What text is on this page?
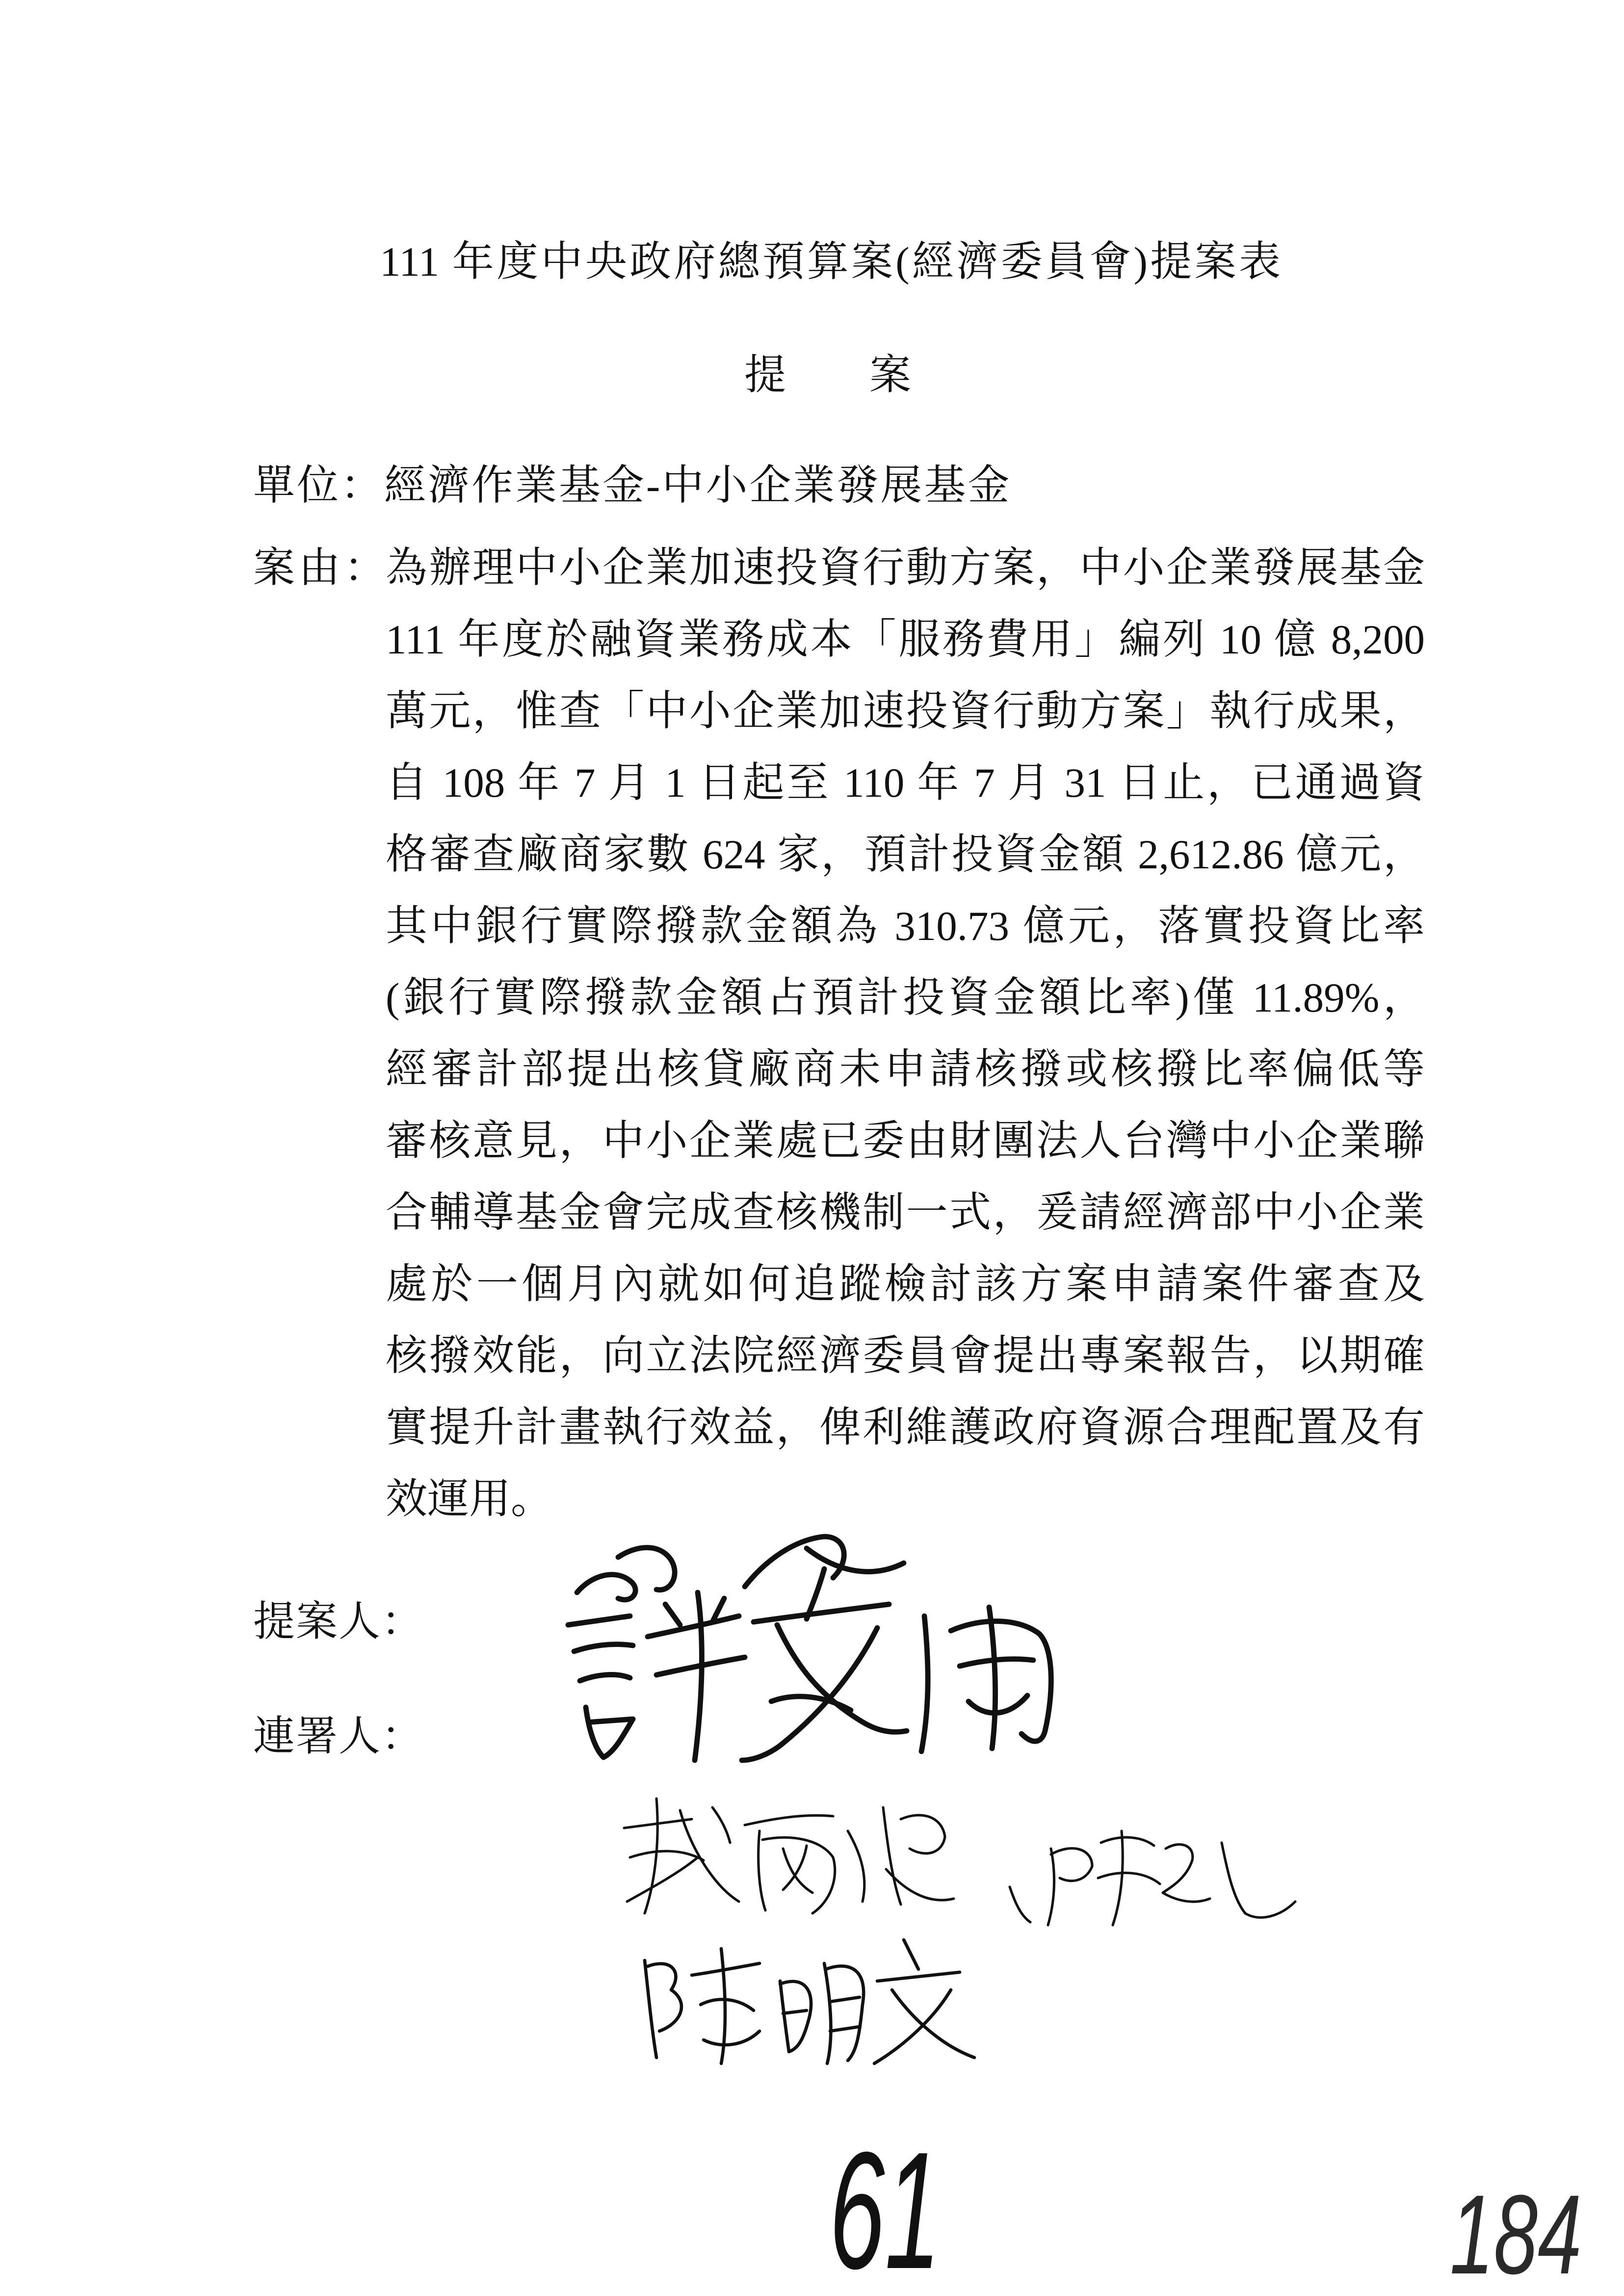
111 年度中央政府總預算案(經濟委員會)提案表
提　　案
單位：經濟作業基金-中小企業發展基金
案由： 為辦理中小企業加速投資行動方案，中小企業發展基金
111 年度於融資業務成本「服務費用」編列 10 億 8,200
萬元，惟查「中小企業加速投資行動方案」執行成果，
自 108 年 7 月 1 日起至 110 年 7 月 31 日止，已通過資
格審查廠商家數 624 家，預計投資金額 2,612.86 億元，
其中銀行實際撥款金額為 310.73 億元，落實投資比率
(銀行實際撥款金額占預計投資金額比率)僅 11.89%，
經審計部提出核貸廠商未申請核撥或核撥比率偏低等
審核意見，中小企業處已委由財團法人台灣中小企業聯
合輔導基金會完成查核機制一式，爰請經濟部中小企業
處於一個月內就如何追蹤檢討該方案申請案件審查及
核撥效能，向立法院經濟委員會提出專案報告，以期確
實提升計畫執行效益，俾利維護政府資源合理配置及有
效運用。
提案人：
連署人：
61	184
